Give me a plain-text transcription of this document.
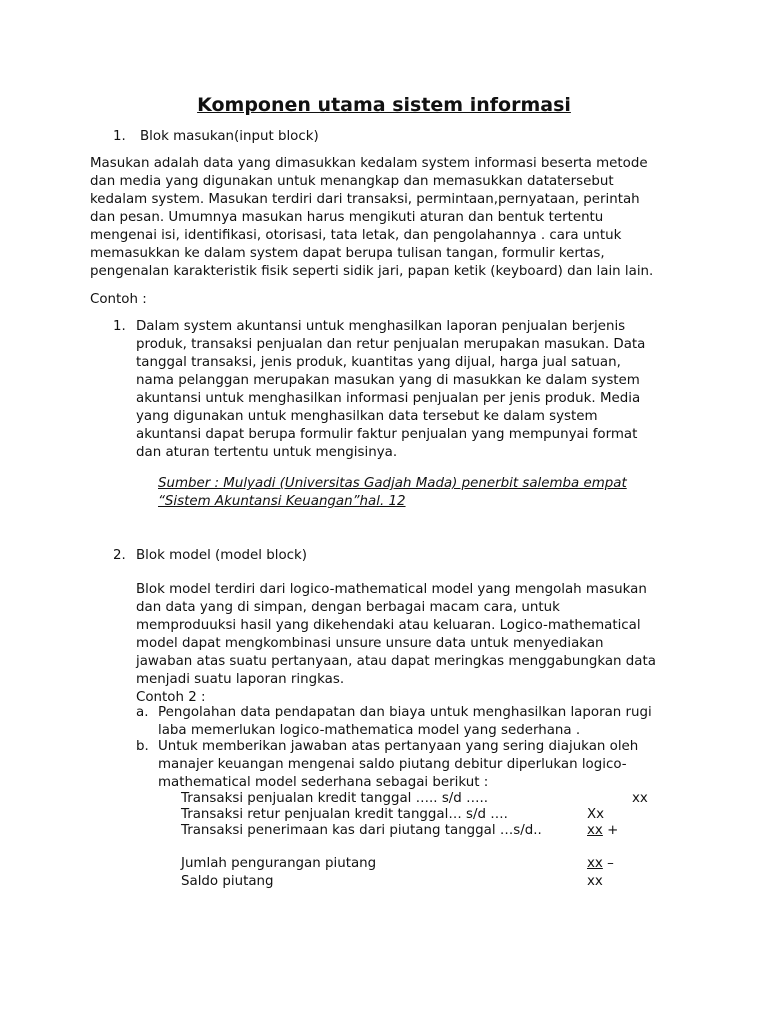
Komponen utama sistem informasi
1. Blok masukan(input block)
Masukan adalah data yang dimasukkan kedalam system informasi beserta metode
dan media yang digunakan untuk menangkap dan memasukkan datatersebut
kedalam system. Masukan terdiri dari transaksi, permintaan,pernyataan, perintah
dan pesan. Umumnya masukan harus mengikuti aturan dan bentuk tertentu
mengenai isi, identifikasi, otorisasi, tata letak, dan pengolahannya . cara untuk
memasukkan ke dalam system dapat berupa tulisan tangan, formulir kertas,
pengenalan karakteristik fisik seperti sidik jari, papan ketik (keyboard) dan lain lain.
Contoh :
1. Dalam system akuntansi untuk menghasilkan laporan penjualan berjenis
produk, transaksi penjualan dan retur penjualan merupakan masukan. Data
tanggal transaksi, jenis produk, kuantitas yang dijual, harga jual satuan,
nama pelanggan merupakan masukan yang di masukkan ke dalam system
akuntansi untuk menghasilkan informasi penjualan per jenis produk. Media
yang digunakan untuk menghasilkan data tersebut ke dalam system
akuntansi dapat berupa formulir faktur penjualan yang mempunyai format
dan aturan tertentu untuk mengisinya.
Sumber : Mulyadi (Universitas Gadjah Mada) penerbit salemba empat
“Sistem Akuntansi Keuangan”hal. 12
2. Blok model (model block)
Blok model terdiri dari logico-mathematical model yang mengolah masukan
dan data yang di simpan, dengan berbagai macam cara, untuk
memproduuksi hasil yang dikehendaki atau keluaran. Logico-mathematical
model dapat mengkombinasi unsure unsure data untuk menyediakan
jawaban atas suatu pertanyaan, atau dapat meringkas menggabungkan data
menjadi suatu laporan ringkas.
Contoh 2 :
a. Pengolahan data pendapatan dan biaya untuk menghasilkan laporan rugi
laba memerlukan logico-mathematica model yang sederhana .
b. Untuk memberikan jawaban atas pertanyaan yang sering diajukan oleh
manajer keuangan mengenai saldo piutang debitur diperlukan logico-
mathematical model sederhana sebagai berikut :
Transaksi penjualan kredit tanggal ….. s/d …..	xx
Transaksi retur penjualan kredit tanggal… s/d ….	Xx
Transaksi penerimaan kas dari piutang tanggal …s/d..	xx +
Jumlah pengurangan piutang	xx –
Saldo piutang	xx
